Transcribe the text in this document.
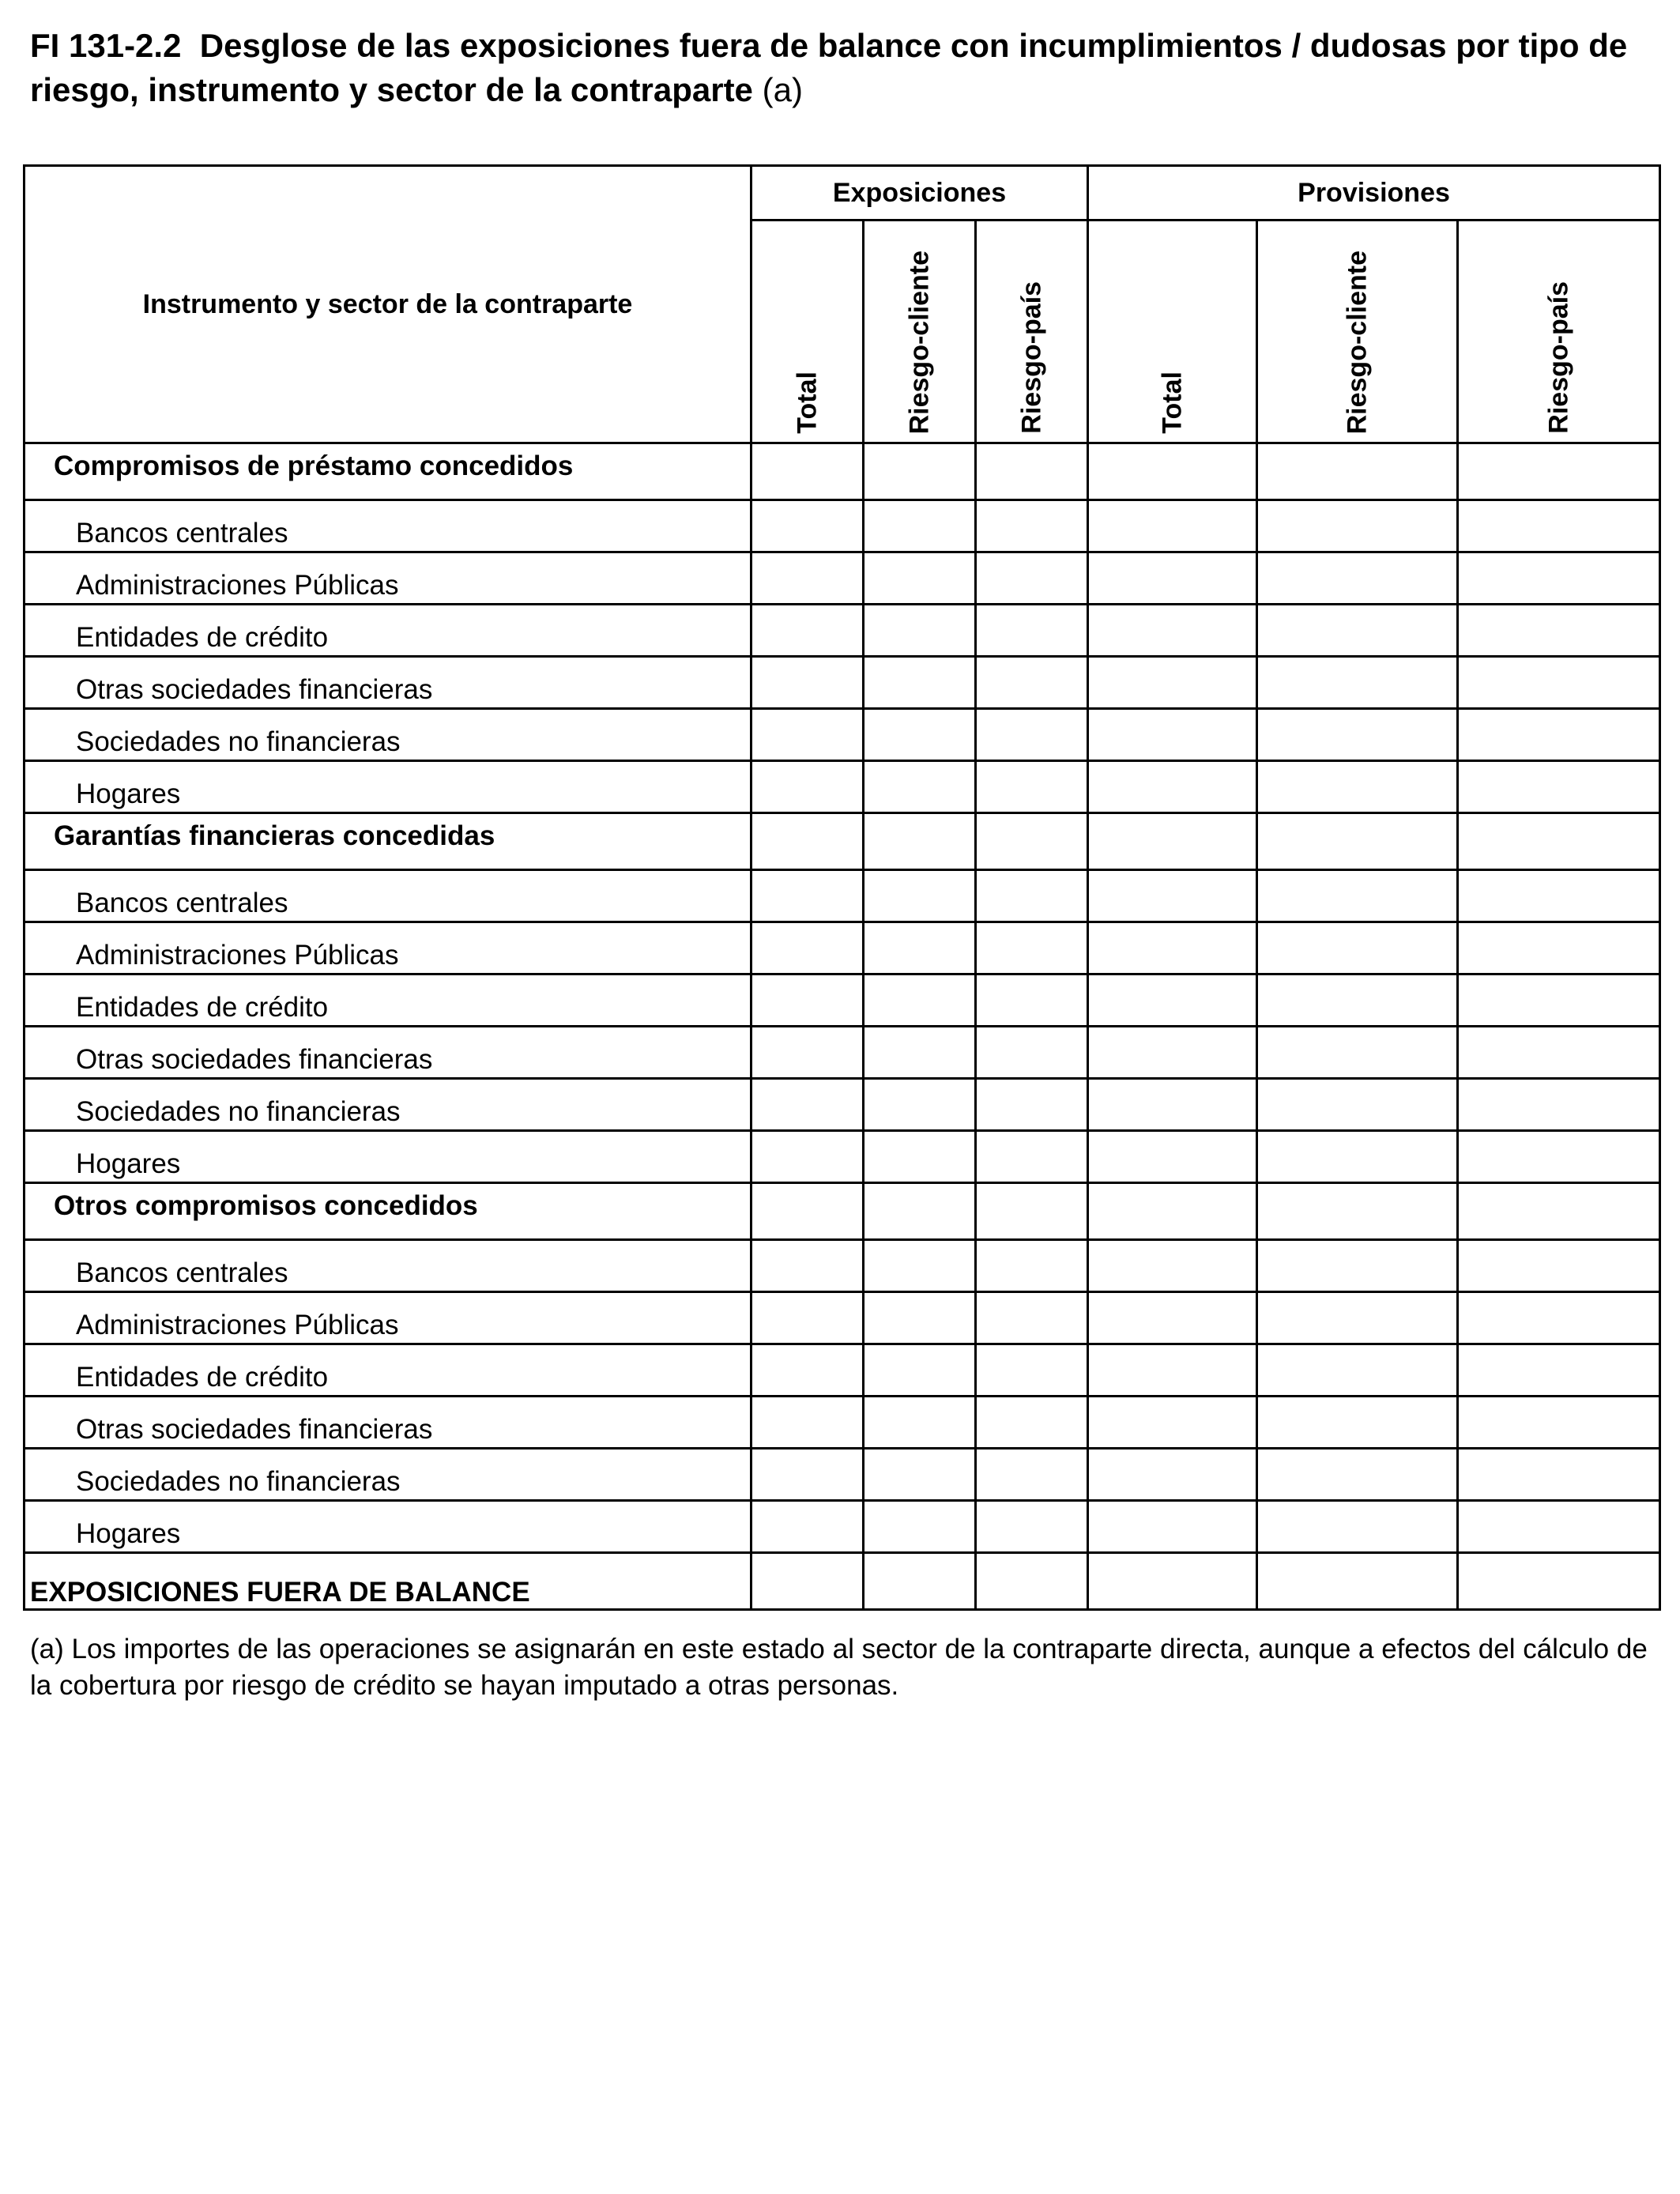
FI 131-2.2 Desglose de las exposiciones fuera de balance con incumplimientos / dudosas por tipo de riesgo, instrumento y sector de la contraparte (a)
Instrumento y sector de la contraparte	Exposiciones			Provisiones		

	Total	Riesgo-cliente	Riesgo-país	Total	Riesgo-cliente	Riesgo-país

Compromisos de préstamo concedidos						
Bancos centrales						
Administraciones Públicas						
Entidades de crédito						
Otras sociedades financieras						
Sociedades no financieras						
Hogares						
Garantías financieras concedidas						
Bancos centrales						
Administraciones Públicas						
Entidades de crédito						
Otras sociedades financieras						
Sociedades no financieras						
Hogares						
Otros compromisos concedidos						
Bancos centrales						
Administraciones Públicas						
Entidades de crédito						
Otras sociedades financieras						
Sociedades no financieras						
Hogares						
EXPOSICIONES FUERA DE BALANCE						
(a) Los importes de las operaciones se asignarán en este estado al sector de la contraparte directa, aunque a efectos del cálculo de la cobertura por riesgo de crédito se hayan imputado a otras personas.
